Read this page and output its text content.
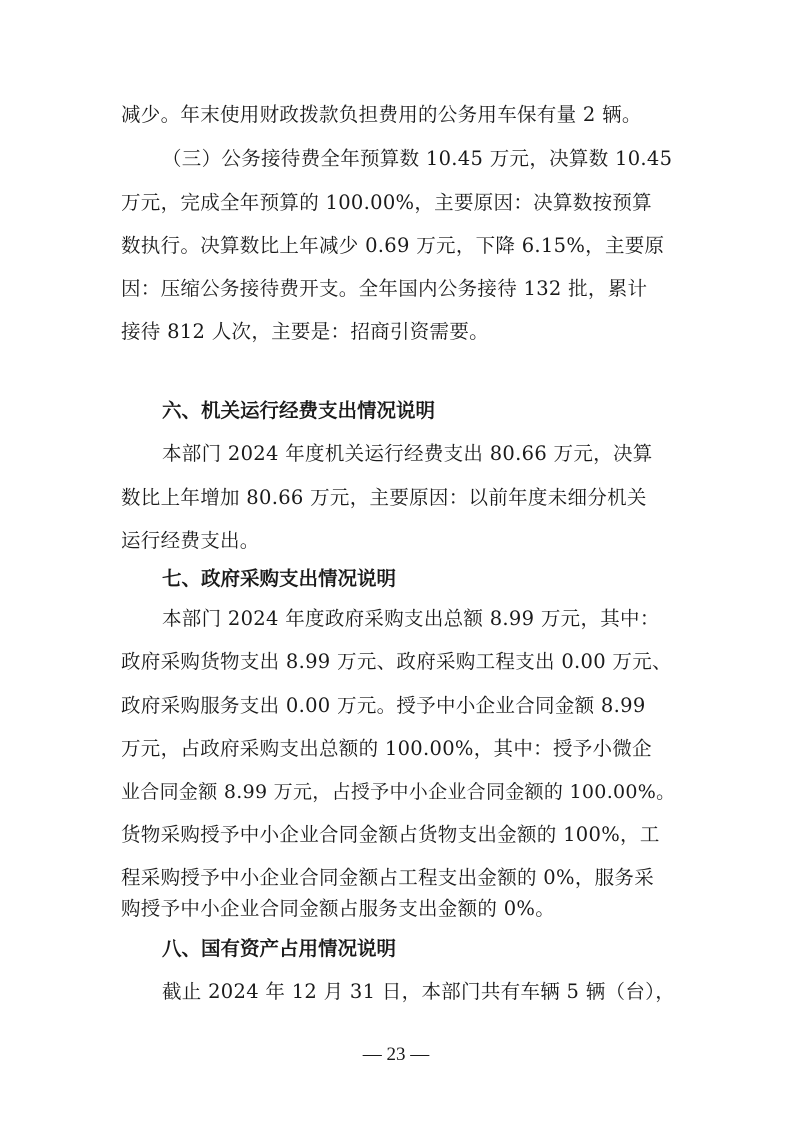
减少。年末使用财政拨款负担费用的公务用车保有量 2 辆。
（三）公务接待费全年预算数 10.45 万元，决算数 10.45
万元，完成全年预算的 100.00%，主要原因：决算数按预算
数执行。决算数比上年减少 0.69 万元，下降 6.15%，主要原
因：压缩公务接待费开支。全年国内公务接待 132 批，累计
接待 812 人次，主要是：招商引资需要。
六、机关运行经费支出情况说明
本部门 2024 年度机关运行经费支出 80.66 万元，决算
数比上年增加 80.66 万元，主要原因：以前年度未细分机关
运行经费支出。
七、政府采购支出情况说明
本部门 2024 年度政府采购支出总额 8.99 万元，其中：
政府采购货物支出 8.99 万元、政府采购工程支出 0.00 万元、
政府采购服务支出 0.00 万元。授予中小企业合同金额 8.99
万元，占政府采购支出总额的 100.00%，其中：授予小微企
业合同金额 8.99 万元，占授予中小企业合同金额的 100.00%。
货物采购授予中小企业合同金额占货物支出金额的 100%，工
程采购授予中小企业合同金额占工程支出金额的 0%，服务采
购授予中小企业合同金额占服务支出金额的 0%。
八、国有资产占用情况说明
截止 2024 年 12 月 31 日，本部门共有车辆 5 辆（台），
— 23 —
